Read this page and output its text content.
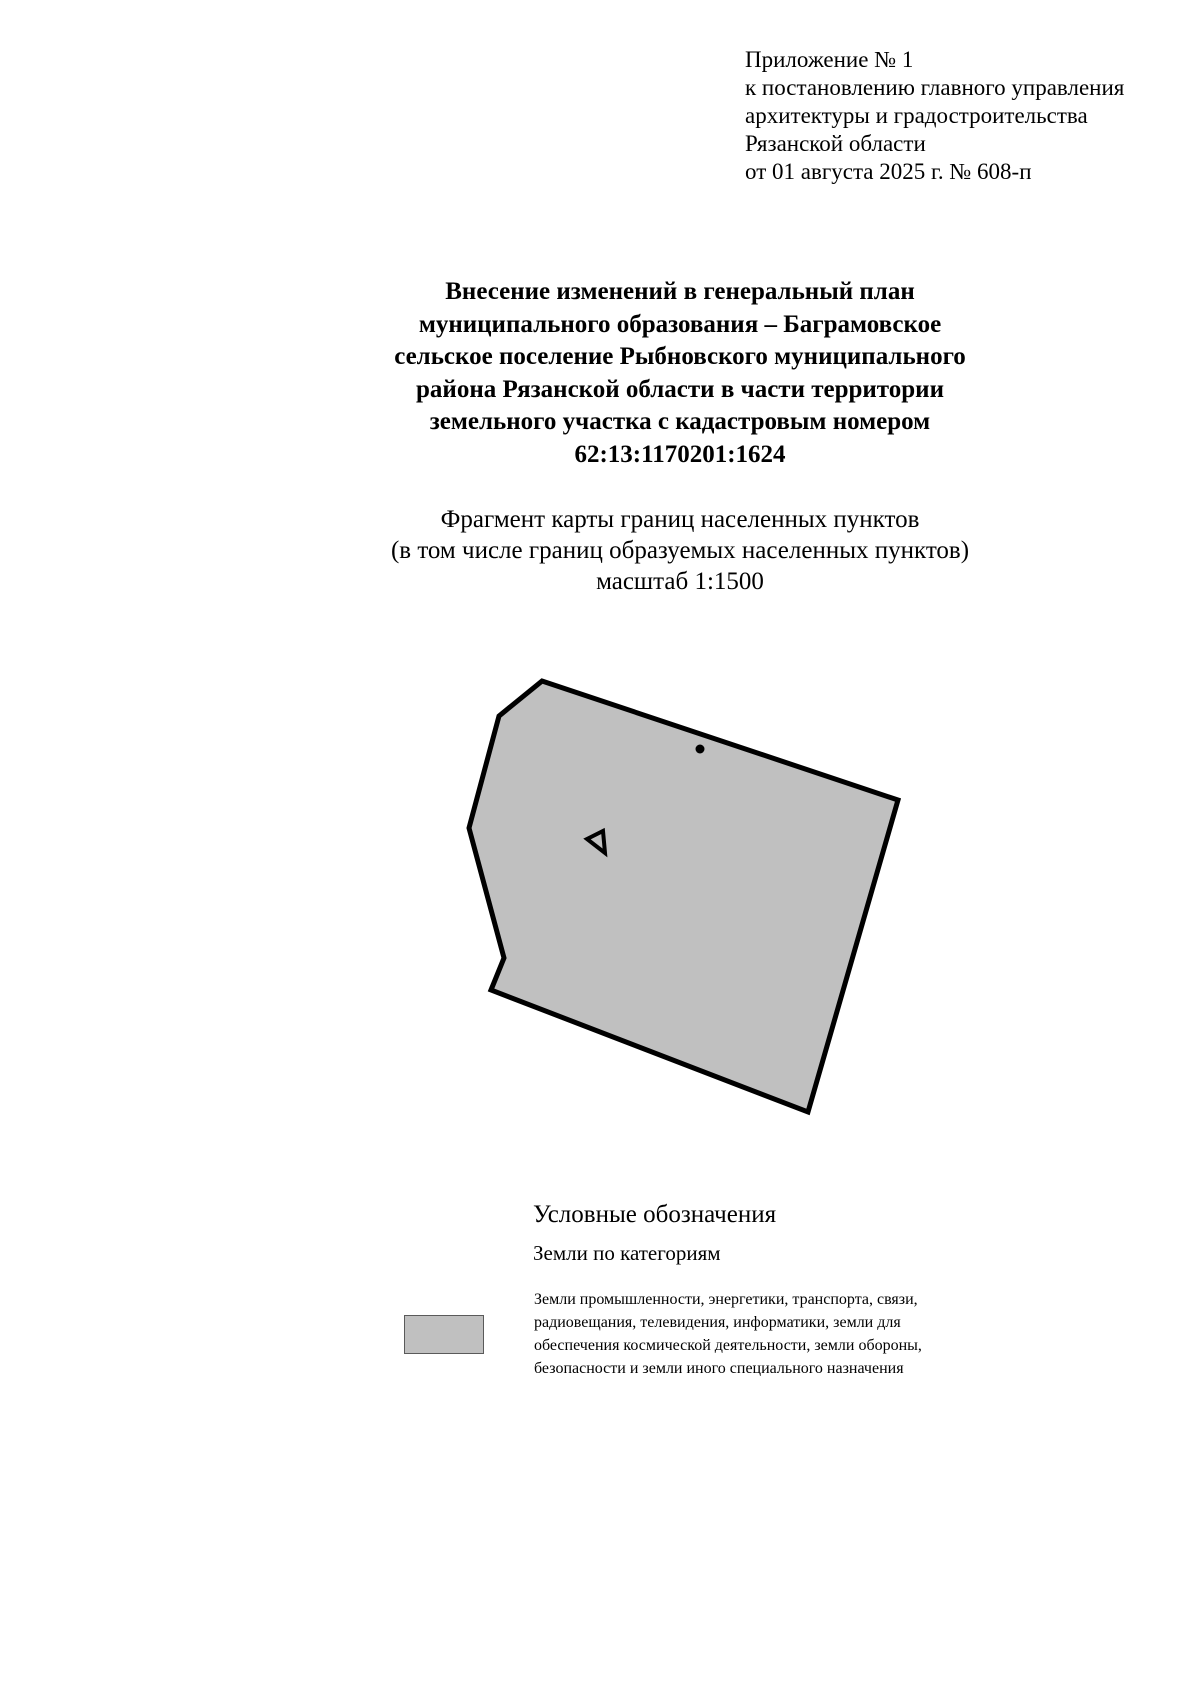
Приложение № 1
к постановлению главного управления
архитектуры и градостроительства
Рязанской области
от 01 августа 2025 г. № 608-п
Внесение изменений в генеральный план
муниципального образования – Баграмовское
сельское поселение Рыбновского муниципального
района Рязанской области в части территории
земельного участка с кадастровым номером
62:13:1170201:1624
Фрагмент карты границ населенных пунктов
(в том числе границ образуемых населенных пунктов)
масштаб 1:1500
Условные обозначения
Земли по категориям
Земли промышленности, энергетики, транспорта, связи,
радиовещания, телевидения, информатики, земли для
обеспечения космической деятельности, земли обороны,
безопасности и земли иного специального назначения
